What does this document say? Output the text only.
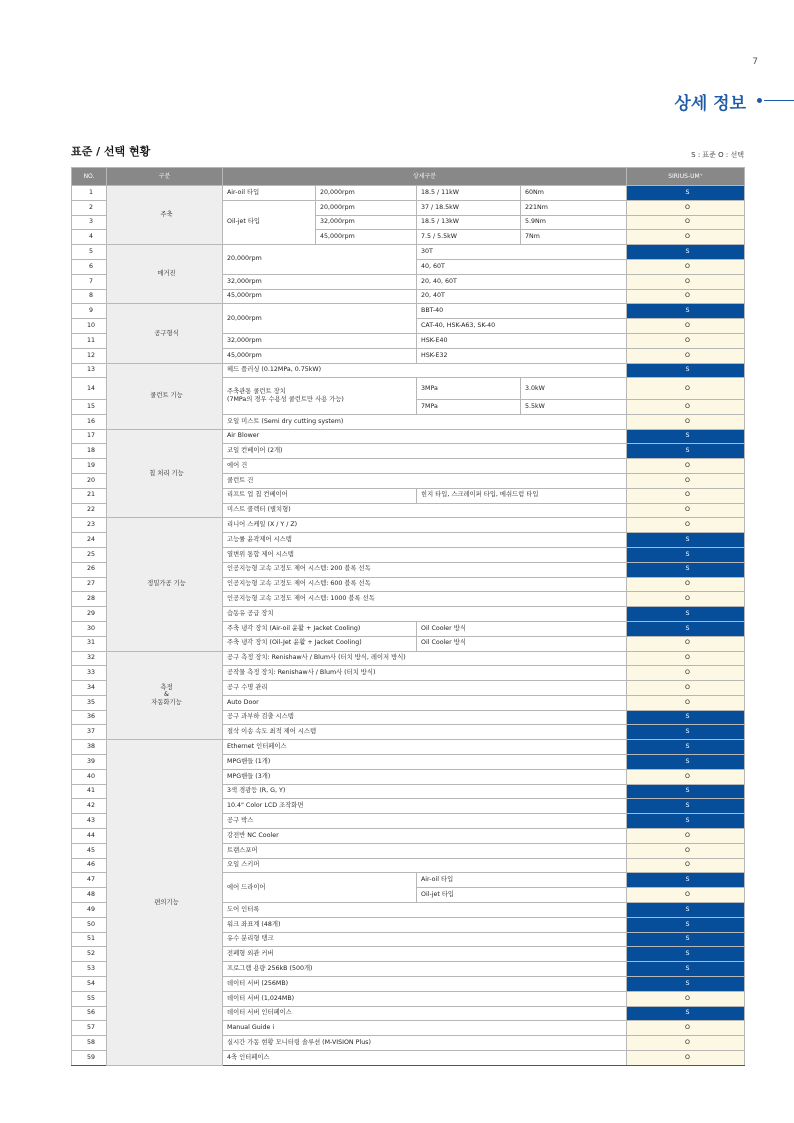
7
상세 정보
표준 / 선택 현황	S : 표준 O : 선택
NO.	구분	상세구분				SIRIUS-UM⁺
1	주축	Air-oil 타입	20,000rpm	18.5 / 11kW	60Nm	S
2		Oil-jet 타입	20,000rpm	37 / 18.5kW	221Nm	O
3			32,000rpm	18.5 / 13kW	5.9Nm	O
4			45,000rpm	7.5 / 5.5kW	7Nm	O
5	매거진	20,000rpm		30T		S
6				40, 60T		O
7		32,000rpm		20, 40, 60T		O
8		45,000rpm		20, 40T		O
9	공구형식	20,000rpm		BBT-40		S
10				CAT-40, HSK-A63, SK-40		O
11		32,000rpm		HSK-E40		O
12		45,000rpm		HSK-E32		O
13	쿨런트 기능	헤드 플러싱 (0.12MPa, 0.75kW)				S
14		주축관통 쿨런트 장치
(7MPa의 경우 수용성 쿨런트만 사용 가능)		3MPa	3.0kW	O
15				7MPa	5.5kW	O
16		오일 미스트 (Semi dry cutting system)				O
17	칩 처리 기능	Air Blower				S
18		코일 컨베이어 (2개)				S
19		에어 건				O
20		쿨런트 건				O
21		리프트 업 칩 컨베이어		힌지 타입, 스크레이퍼 타입, 메쉬드럼 타입		O
22		미스트 콜렉터 (별치형)				O
23	정밀가공 기능	리니어 스케일 (X / Y / Z)				O
24		고능률 윤곽제어 시스템				S
25		열변위 통합 제어 시스템				S
26		인공지능형 고속 고정도 제어 시스템: 200 블록 선독				S
27		인공지능형 고속 고정도 제어 시스템: 600 블록 선독				O
28		인공지능형 고속 고정도 제어 시스템: 1000 블록 선독				O
29		습동유 공급 장치				S
30		주축 냉각 장치 (Air-oil 윤활 + Jacket Cooling)		Oil Cooler 방식		S
31		주축 냉각 장치 (Oil-Jet 윤활 + Jacket Cooling)		Oil Cooler 방식		O
32	측정
&
자동화기능	공구 측정 장치: Renishaw사 / Blum사 (터치 방식, 레이저 방식)				O
33		공작물 측정 장치: Renishaw사 / Blum사 (터치 방식)				O
34		공구 수명 관리				O
35		Auto Door				O
36		공구 과부하 검출 시스템				S
37		절삭 이송 속도 최적 제어 시스템				S
38	편의기능	Ethernet 인터페이스				S
39		MPG핸들 (1개)				S
40		MPG핸들 (3개)				O
41		3색 경광등 (R, G, Y)				S
42		10.4" Color LCD 조작화면				S
43		공구 박스				S
44		강전반 NC Cooler				O
45		트랜스포머				O
46		오일 스키머				O
47		에어 드라이어		Air-oil 타입		S
48				Oil-jet 타입		O
49		도어 인터록				S
50		워크 좌표계 (48개)				S
51		유수 분리형 탱크				S
52		전폐형 외관 커버				S
53		프로그램 용량 256kB (500개)				S
54		데이터 서버 (256MB)				S
55		데이터 서버 (1,024MB)				O
56		데이터 서버 인터페이스				S
57		Manual Guide i				O
58		실시간 가동 현황 모니터링 솔루션 (M-VISION Plus)				O
59		4축 인터페이스				O
